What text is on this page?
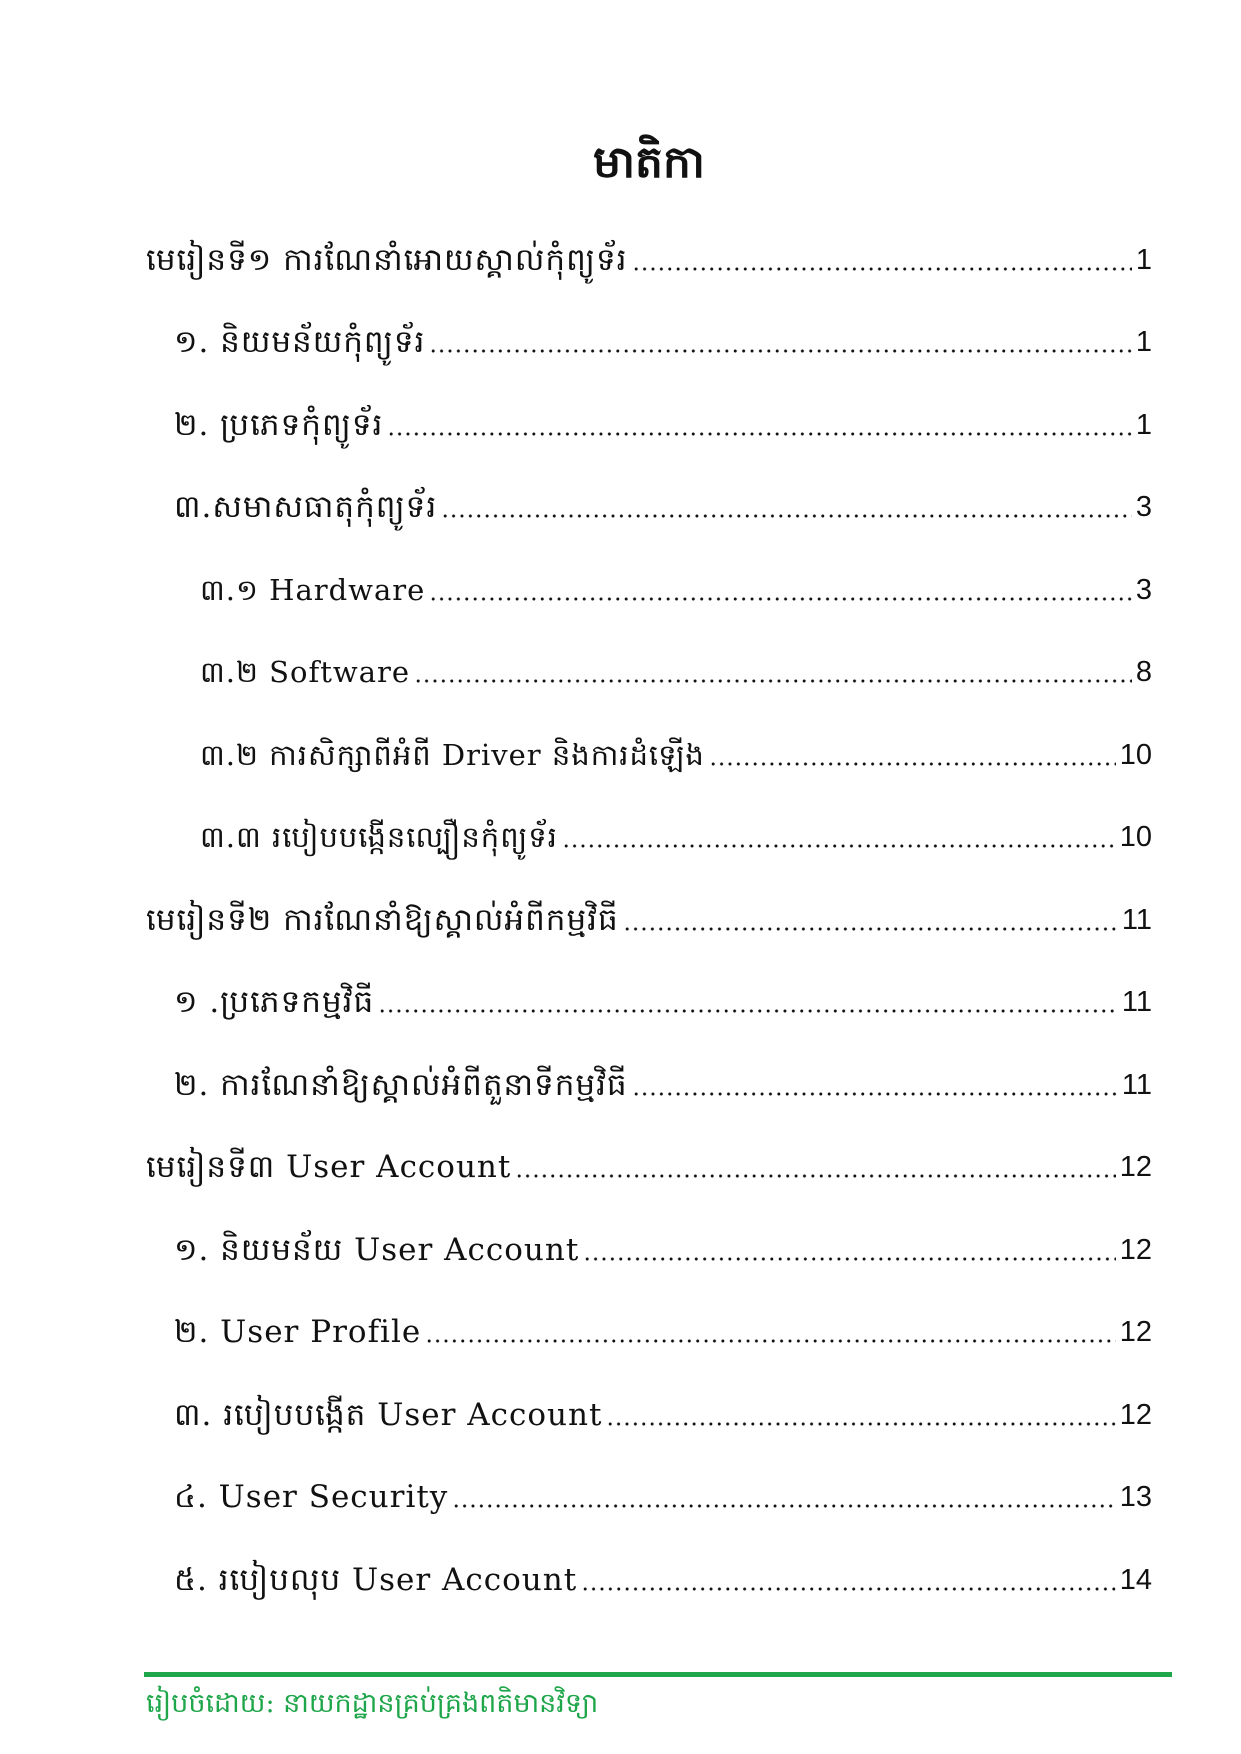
មាតិកា
មេរៀនទី១ ការណែនាំអោយស្គាល់កុំព្យូទ័រ	1
១. និយមន័យកុំព្យូទ័រ	1
២. ប្រភេទកុំព្យូទ័រ	1
៣.សមាសធាតុកុំព្យូទ័រ	3
៣.១ Hardware	3
៣.២ Software	8
៣.២ ការសិក្សាពីអំពី Driver និងការដំឡើង	10
៣.៣ របៀបបង្កើនល្បឿនកុំព្យូទ័រ	10
មេរៀនទី២ ការណែនាំឱ្យស្គាល់អំពីកម្មវិធី	11
១ .ប្រភេទកម្មវិធី	11
២. ការណែនាំឱ្យស្គាល់អំពីតួនាទីកម្មវិធី	11
មេរៀនទី៣ User Account	12
១. និយមន័យ User Account	12
២. User Profile	12
៣. របៀបបង្កើត User Account	12
៤. User Security	13
៥. របៀបលុប User Account	14
រៀបចំដោយ: នាយកដ្ឋានគ្រប់គ្រងពតិមានវិទ្យា
